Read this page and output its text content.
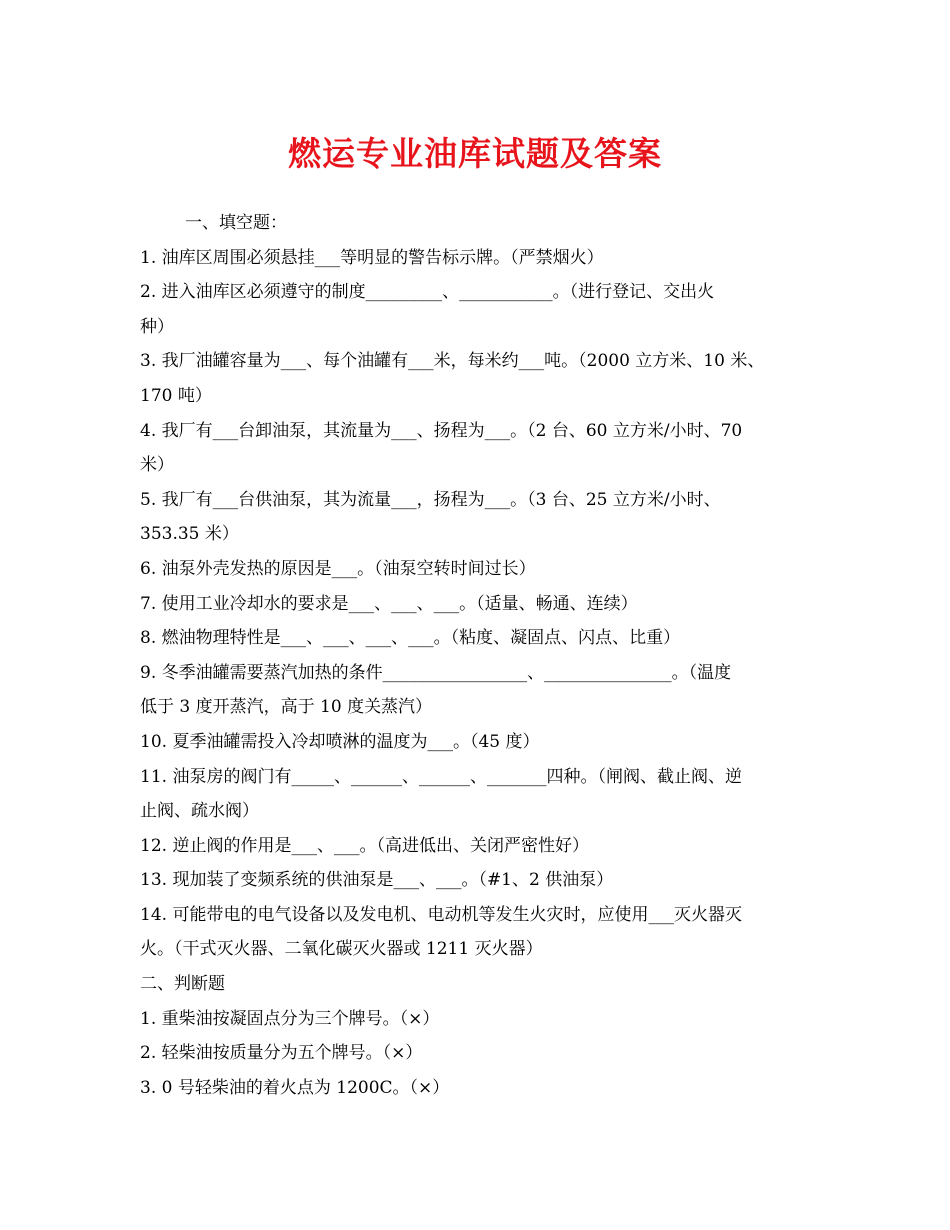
燃运专业油库试题及答案
一、填空题：
1. 油库区周围必须悬挂___等明显的警告标示牌。（严禁烟火）
2. 进入油库区必须遵守的制度_________、___________。（进行登记、交出火
种）
3. 我厂油罐容量为___、每个油罐有___米，每米约___吨。（2000 立方米、10 米、
170 吨）
4. 我厂有___台卸油泵，其流量为___、扬程为___。（2 台、60 立方米/小时、70
米）
5. 我厂有___台供油泵，其为流量___，扬程为___。（3 台、25 立方米/小时、
353.35 米）
6. 油泵外壳发热的原因是___。（油泵空转时间过长）
7. 使用工业冷却水的要求是___、___、___。（适量、畅通、连续）
8. 燃油物理特性是___、___、___、___。（粘度、凝固点、闪点、比重）
9. 冬季油罐需要蒸汽加热的条件_________________、_______________。（温度
低于 3 度开蒸汽，高于 10 度关蒸汽）
10. 夏季油罐需投入冷却喷淋的温度为___。（45 度）
11. 油泵房的阀门有_____、______、______、_______四种。（闸阀、截止阀、逆
止阀、疏水阀）
12. 逆止阀的作用是___、___。（高进低出、关闭严密性好）
13. 现加装了变频系统的供油泵是___、___。（#1、2 供油泵）
14. 可能带电的电气设备以及发电机、电动机等发生火灾时，应使用___灭火器灭
火。（干式灭火器、二氧化碳灭火器或 1211 灭火器）
二、判断题
1. 重柴油按凝固点分为三个牌号。（×）
2. 轻柴油按质量分为五个牌号。（×）
3. 0 号轻柴油的着火点为 1200C。（×）
